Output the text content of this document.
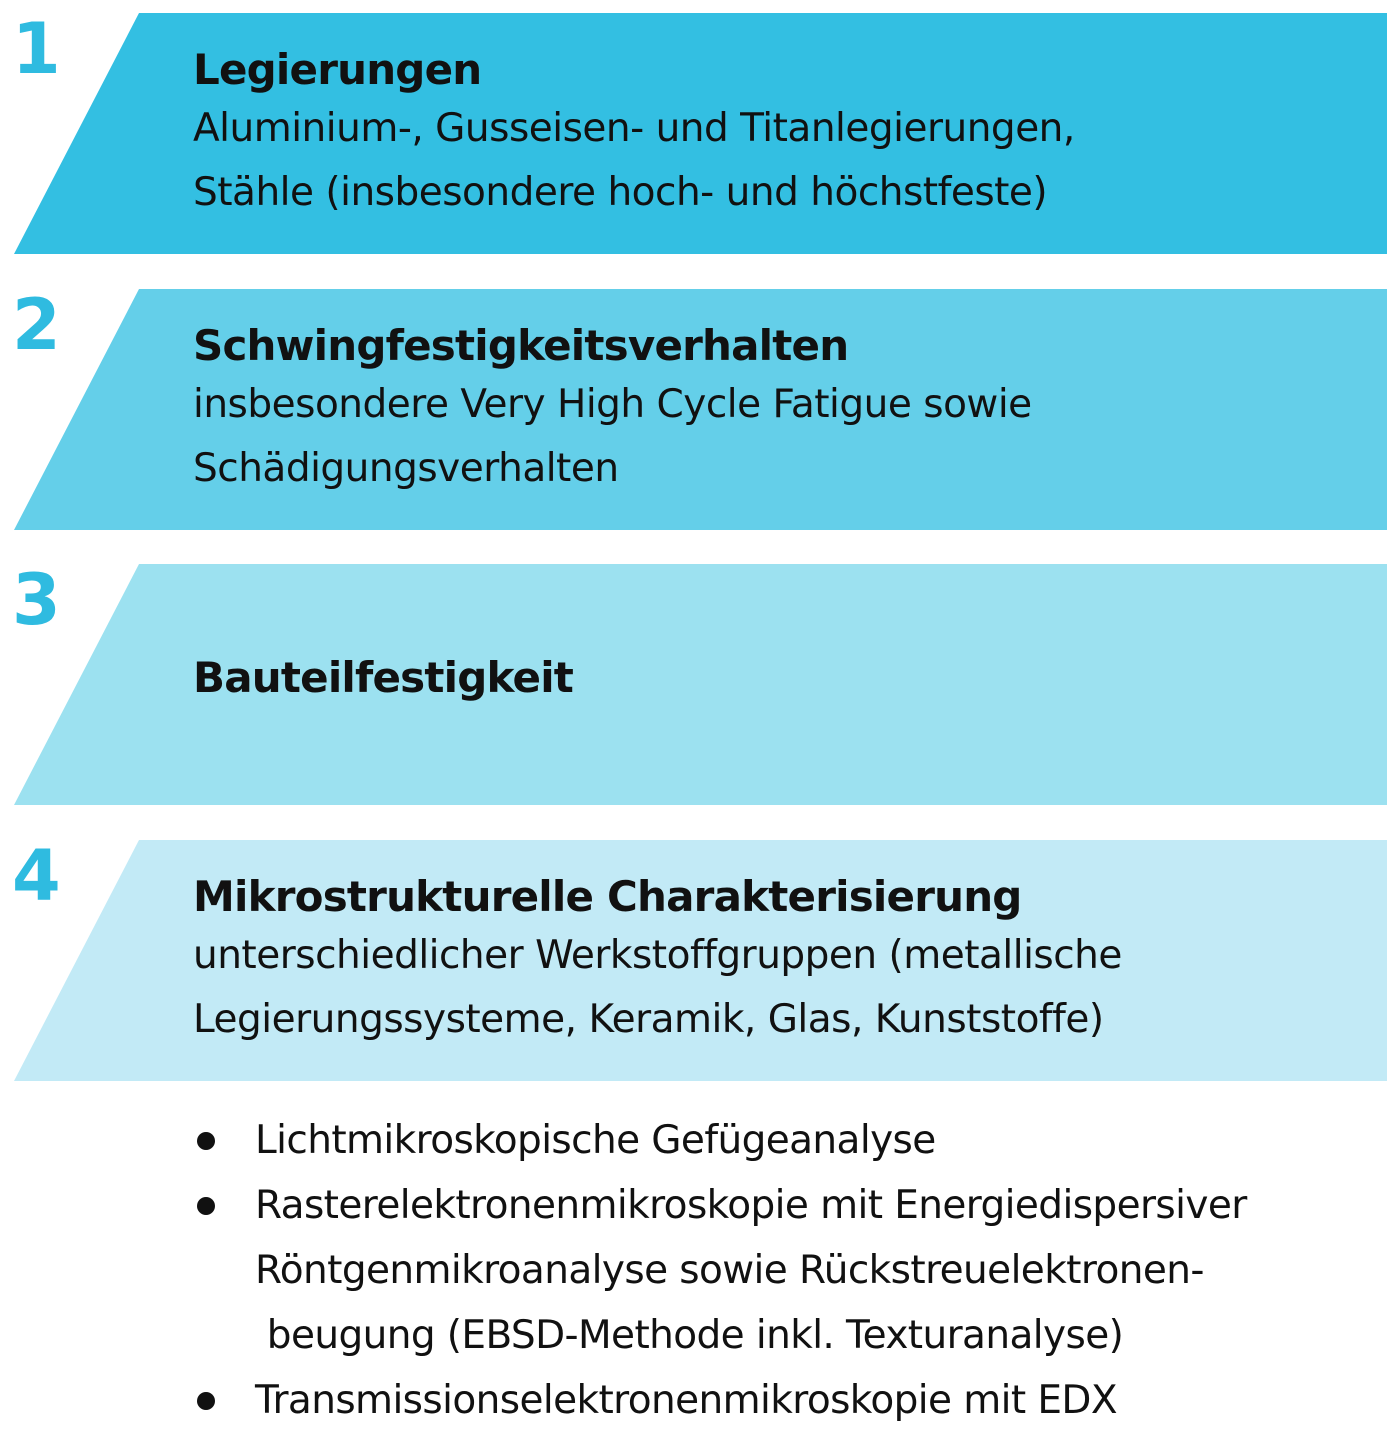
1	Legierungen
Aluminium-, Gusseisen- und Titanlegierungen,
Stähle (insbesondere hoch- und höchstfeste)
2	Schwingfestigkeitsverhalten
insbesondere Very High Cycle Fatigue sowie
Schädigungsverhalten
3
Bauteilfestigkeit
4	Mikrostrukturelle Charakterisierung
unterschiedlicher Werkstoffgruppen (metallische
Legierungssysteme, Keramik, Glas, Kunststoffe)
Lichtmikroskopische Gefügeanalyse
Rasterelektronenmikroskopie mit Energiedispersiver
Röntgenmikroanalyse sowie Rückstreuelektronen-
beugung (EBSD-Methode inkl. Texturanalyse)
Transmissionselektronenmikroskopie mit EDX
